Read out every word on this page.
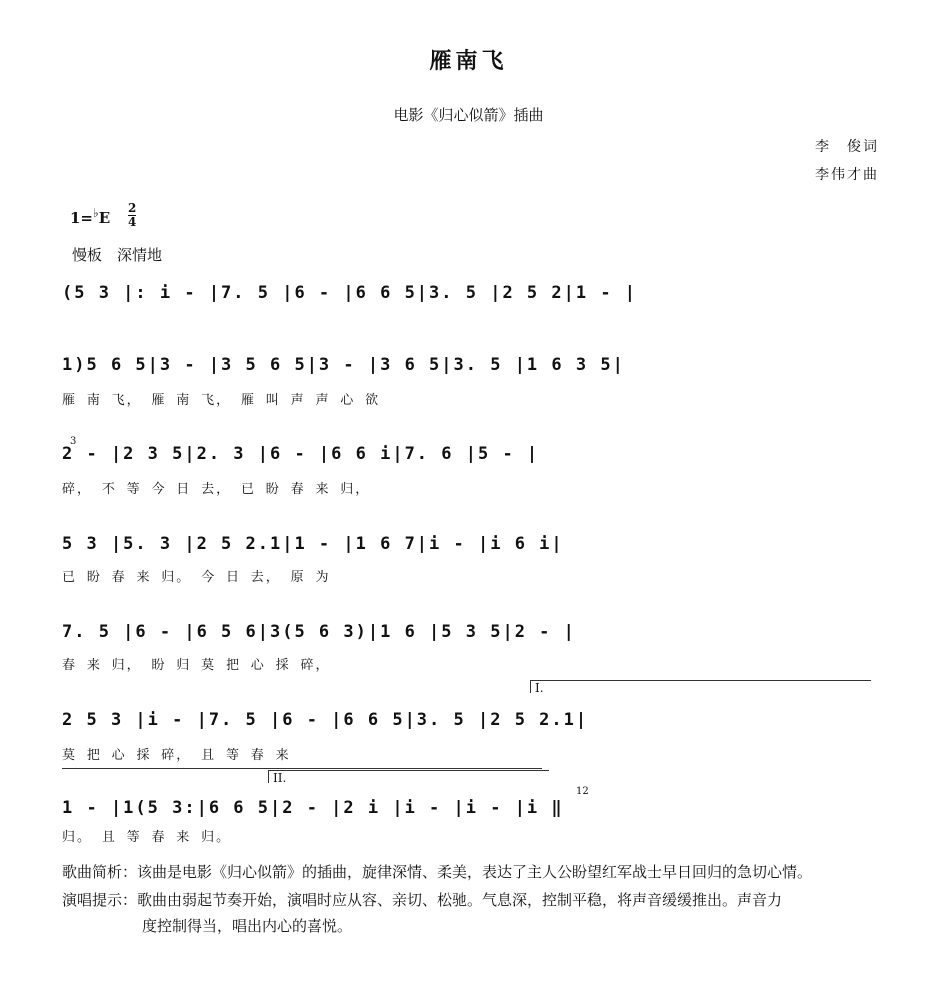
雁南飞
电影《归心似箭》插曲
李　俊词
李伟才曲
1=♭E
2
4
慢板　深情地
(5 3 |: i - |7. 5 |6 - |6 6 5|3. 5 |2 5 2|1 - |
1)5 6 5|3 - |3 5 6 5|3 - |3 6 5|3. 5 |1 6 3 5|
雁 南 飞， 雁 南 飞， 雁 叫 声 声 心 欲
3
2 - |2 3 5|2. 3 |6 - |6 6 i|7. 6 |5 - |
碎， 不 等 今 日 去， 已 盼 春 来 归，
5 3 |5. 3 |2 5 2.1|1 - |1 6 7|i - |i 6 i|
已 盼 春 来 归。 今 日 去， 原 为
7. 5 |6 - |6 5 6|3(5 6 3)|1 6 |5 3 5|2 - |
春 来 归， 盼 归 莫 把 心 採 碎，
I.
2 5 3 |i - |7. 5 |6 - |6 6 5|3. 5 |2 5 2.1|
莫 把 心 採 碎， 且 等 春 来
II.
12
1 - |1(5 3:|6 6 5|2 - |2 i |i - |i - |i ‖
归。 且 等 春 来 归。
歌曲简析：该曲是电影《归心似箭》的插曲，旋律深情、柔美，表达了主人公盼望红军战士早日回归的急切心情。
演唱提示：歌曲由弱起节奏开始，演唱时应从容、亲切、松驰。气息深，控制平稳，将声音缓缓推出。声音力
度控制得当，唱出内心的喜悦。
